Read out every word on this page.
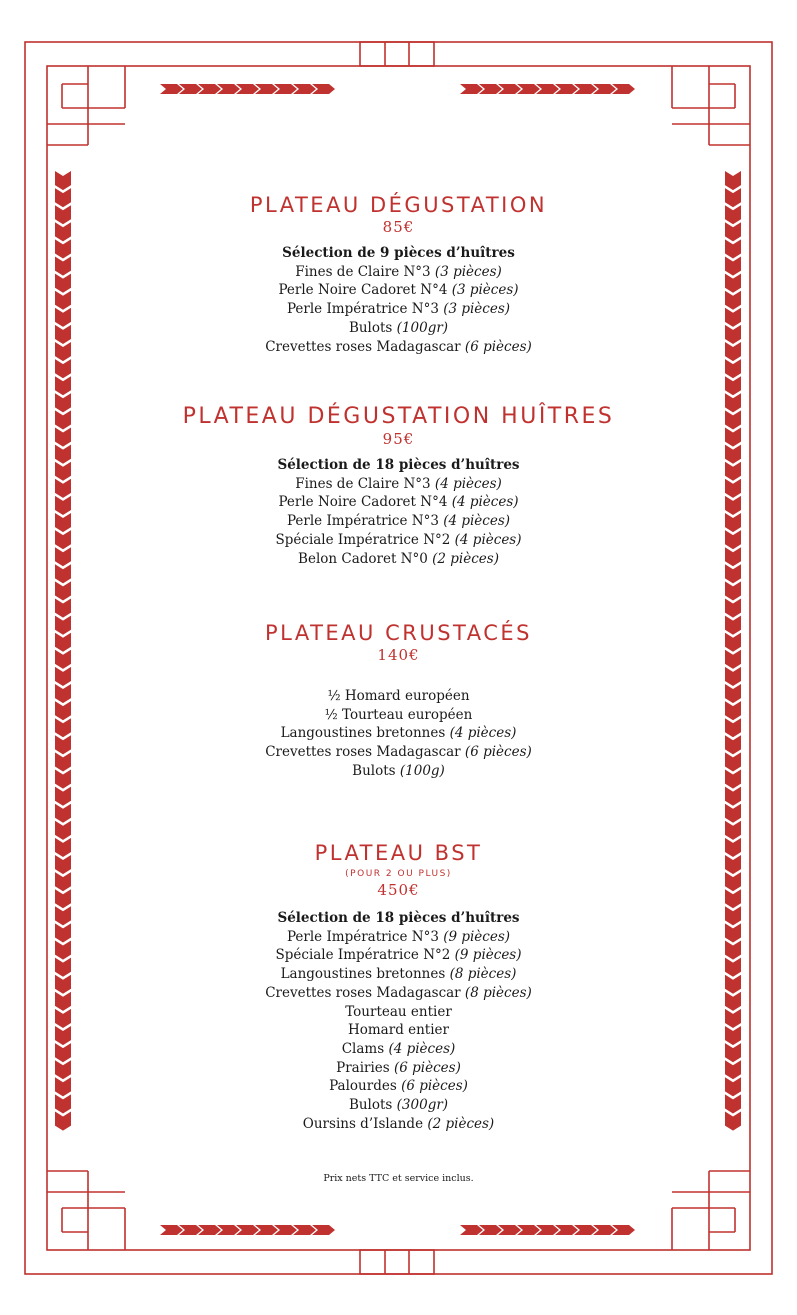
PLATEAU DÉGUSTATION
85€
Sélection de 9 pièces d’huîtres
Fines de Claire N°3 (3 pièces)
Perle Noire Cadoret N°4 (3 pièces)
Perle Impératrice N°3 (3 pièces)
Bulots (100gr)
Crevettes roses Madagascar (6 pièces)
PLATEAU DÉGUSTATION HUÎTRES
95€
Sélection de 18 pièces d’huîtres
Fines de Claire N°3 (4 pièces)
Perle Noire Cadoret N°4 (4 pièces)
Perle Impératrice N°3 (4 pièces)
Spéciale Impératrice N°2 (4 pièces)
Belon Cadoret N°0 (2 pièces)
PLATEAU CRUSTACÉS
140€
½ Homard européen
½ Tourteau européen
Langoustines bretonnes (4 pièces)
Crevettes roses Madagascar (6 pièces)
Bulots (100g)
PLATEAU BST
(POUR 2 OU PLUS)
450€
Sélection de 18 pièces d’huîtres
Perle Impératrice N°3 (9 pièces)
Spéciale Impératrice N°2 (9 pièces)
Langoustines bretonnes (8 pièces)
Crevettes roses Madagascar (8 pièces)
Tourteau entier
Homard entier
Clams (4 pièces)
Prairies (6 pièces)
Palourdes (6 pièces)
Bulots (300gr)
Oursins d’Islande (2 pièces)
Prix nets TTC et service inclus.
